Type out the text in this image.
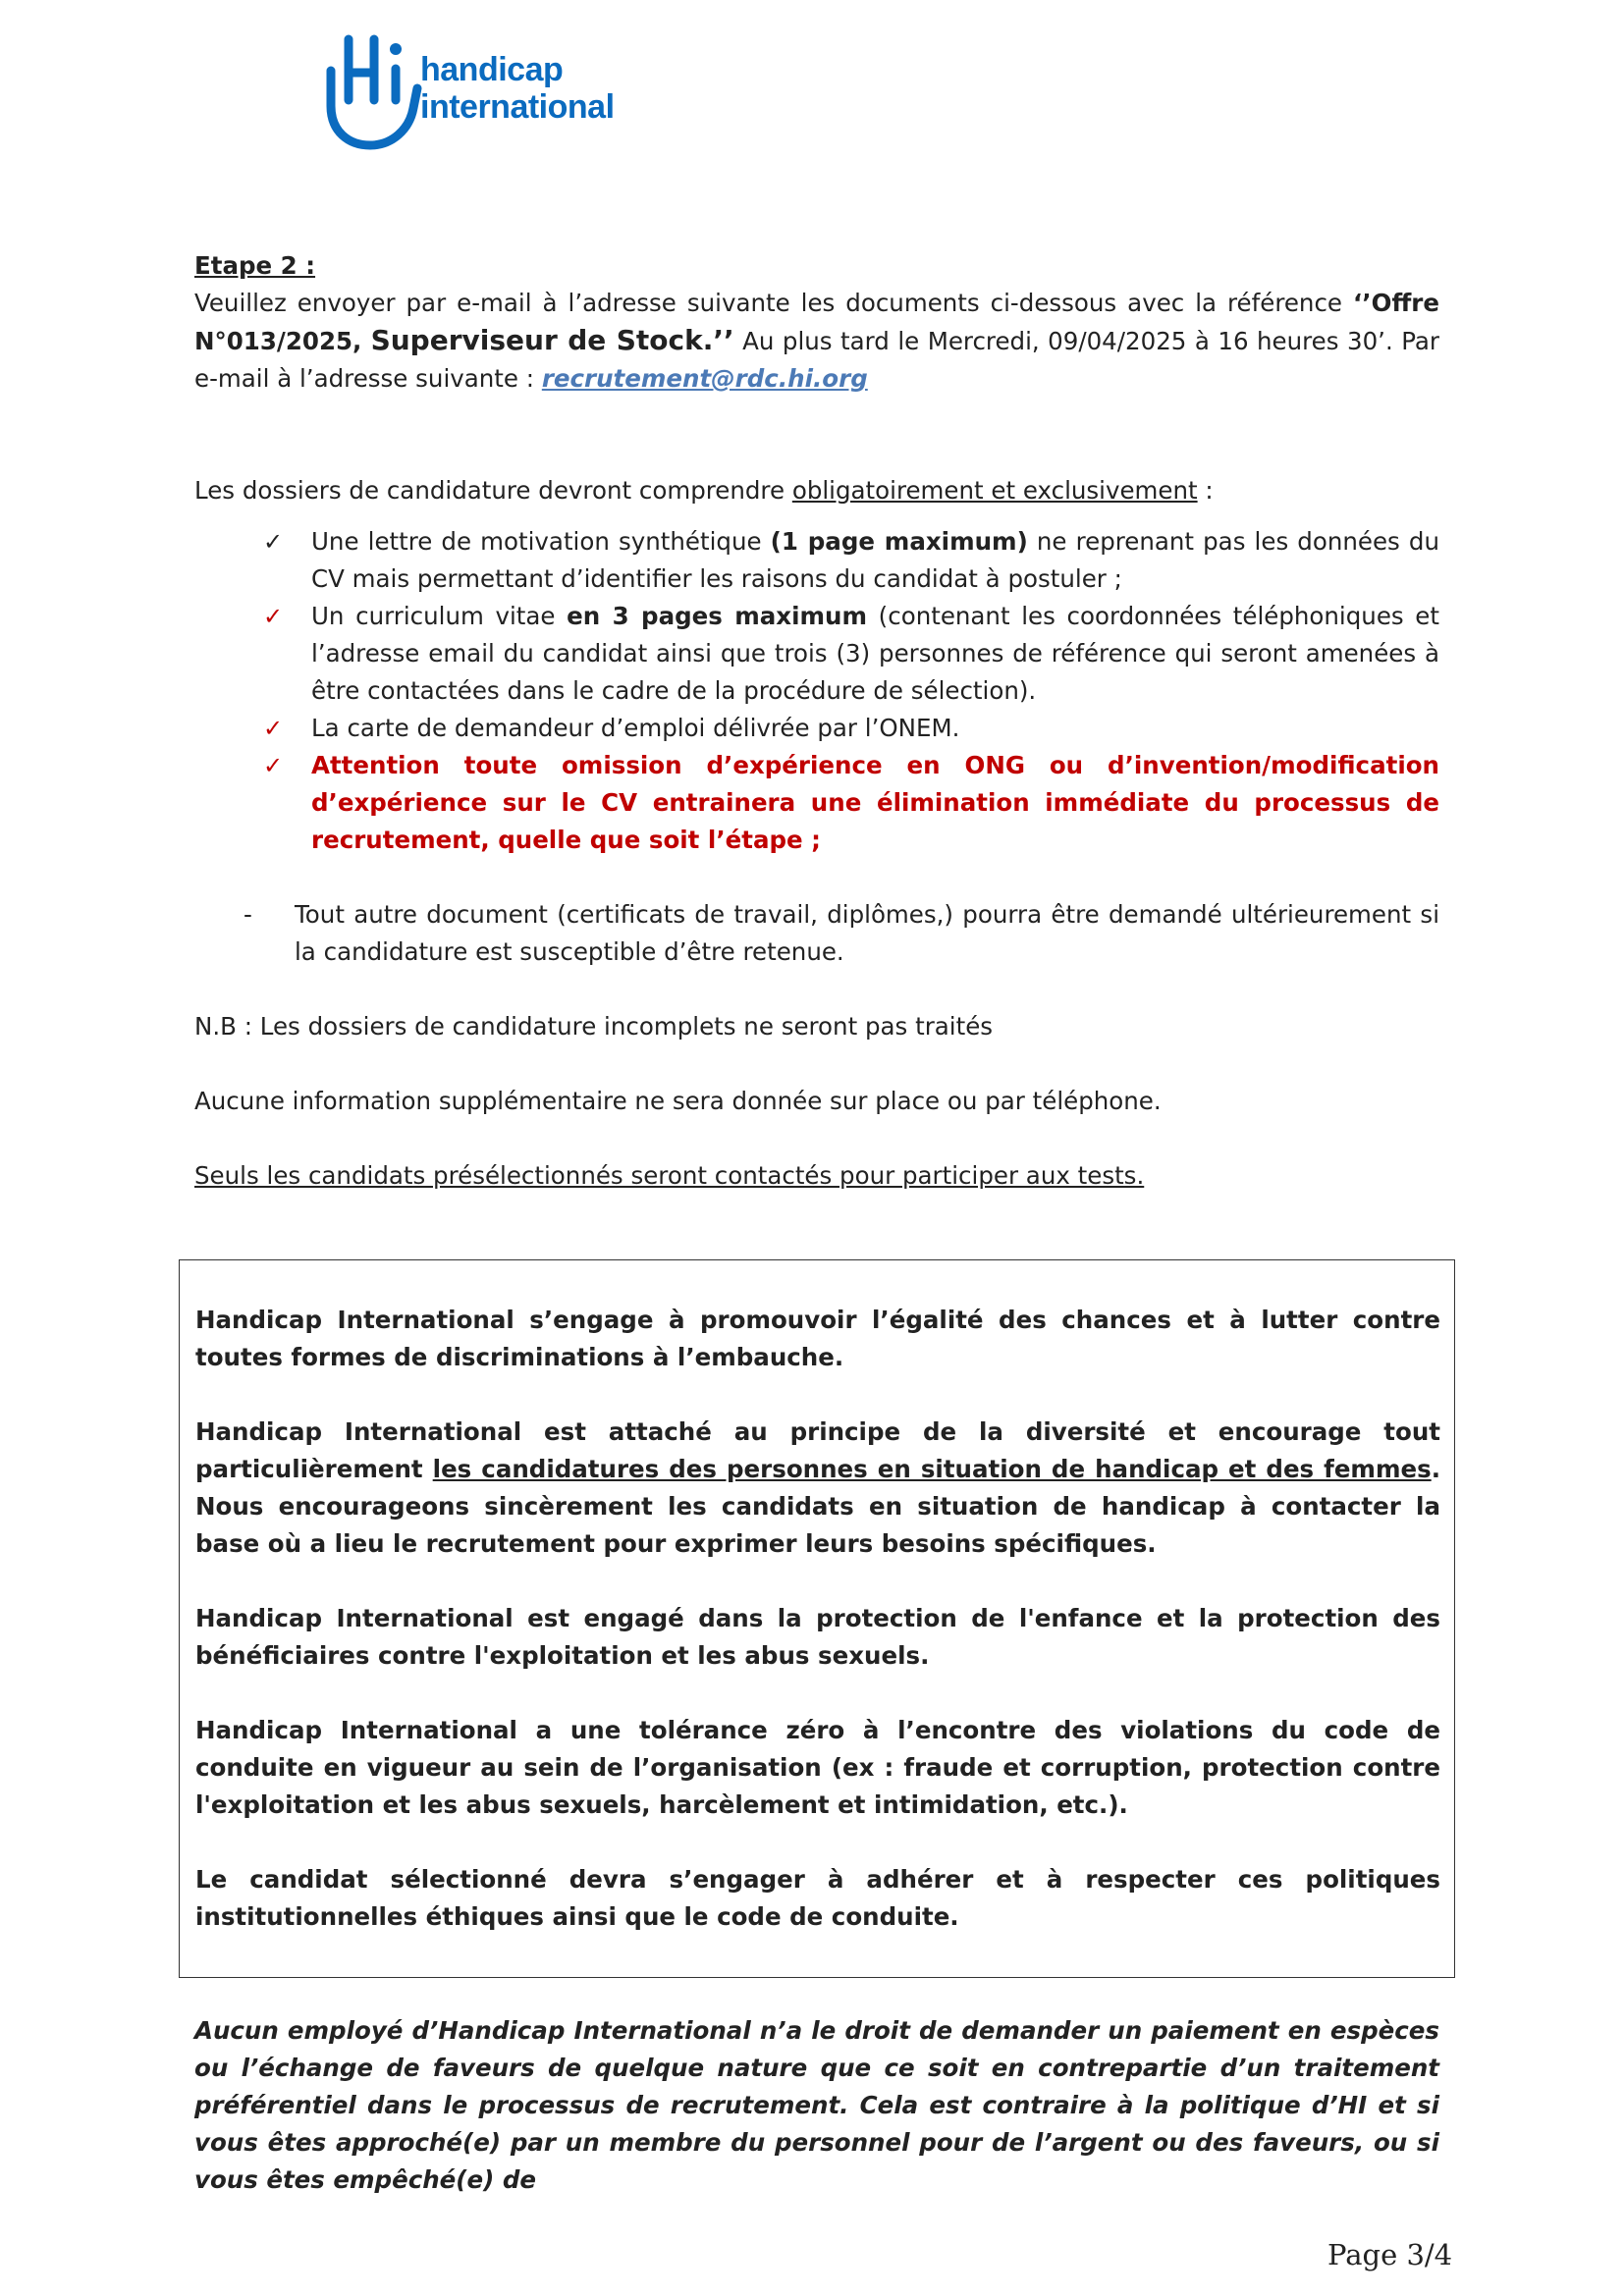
handicap
international

Etape 2 :

Veuillez envoyer par e-mail à l’adresse suivante les documents ci-dessous avec la référence ‘’Offre N°013/2025, Superviseur de Stock.’’ Au plus tard le Mercredi, 09/04/2025 à 16 heures 30’. Par e-mail à l’adresse suivante : recrutement@rdc.hi.org

Les dossiers de candidature devront comprendre obligatoirement et exclusivement :

✓ Une lettre de motivation synthétique (1 page maximum) ne reprenant pas les données du CV mais permettant d’identifier les raisons du candidat à postuler ;
✓ Un curriculum vitae en 3 pages maximum (contenant les coordonnées téléphoniques et l’adresse email du candidat ainsi que trois (3) personnes de référence qui seront amenées à être contactées dans le cadre de la procédure de sélection).
✓ La carte de demandeur d’emploi délivrée par l’ONEM.
✓ Attention toute omission d’expérience en ONG ou d’invention/modification d’expérience sur le CV entrainera une élimination immédiate du processus de recrutement, quelle que soit l’étape ;
- Tout autre document (certificats de travail, diplômes,) pourra être demandé ultérieurement si la candidature est susceptible d’être retenue.

N.B : Les dossiers de candidature incomplets ne seront pas traités

Aucune information supplémentaire ne sera donnée sur place ou par téléphone.

Seuls les candidats présélectionnés seront contactés pour participer aux tests.

Handicap International s’engage à promouvoir l’égalité des chances et à lutter contre toutes formes de discriminations à l’embauche.

Handicap International est attaché au principe de la diversité et encourage tout particulièrement les candidatures des personnes en situation de handicap et des femmes. Nous encourageons sincèrement les candidats en situation de handicap à contacter la base où a lieu le recrutement pour exprimer leurs besoins spécifiques.

Handicap International est engagé dans la protection de l'enfance et la protection des bénéficiaires contre l'exploitation et les abus sexuels.

Handicap International a une tolérance zéro à l’encontre des violations du code de conduite en vigueur au sein de l’organisation (ex : fraude et corruption, protection contre l'exploitation et les abus sexuels, harcèlement et intimidation, etc.).

Le candidat sélectionné devra s’engager à adhérer et à respecter ces politiques institutionnelles éthiques ainsi que le code de conduite.

Aucun employé d’Handicap International n’a le droit de demander un paiement en espèces ou l’échange de faveurs de quelque nature que ce soit en contrepartie d’un traitement préférentiel dans le processus de recrutement. Cela est contraire à la politique d’HI et si vous êtes approché(e) par un membre du personnel pour de l’argent ou des faveurs, ou si vous êtes empêché(e) de
Page 3/4
